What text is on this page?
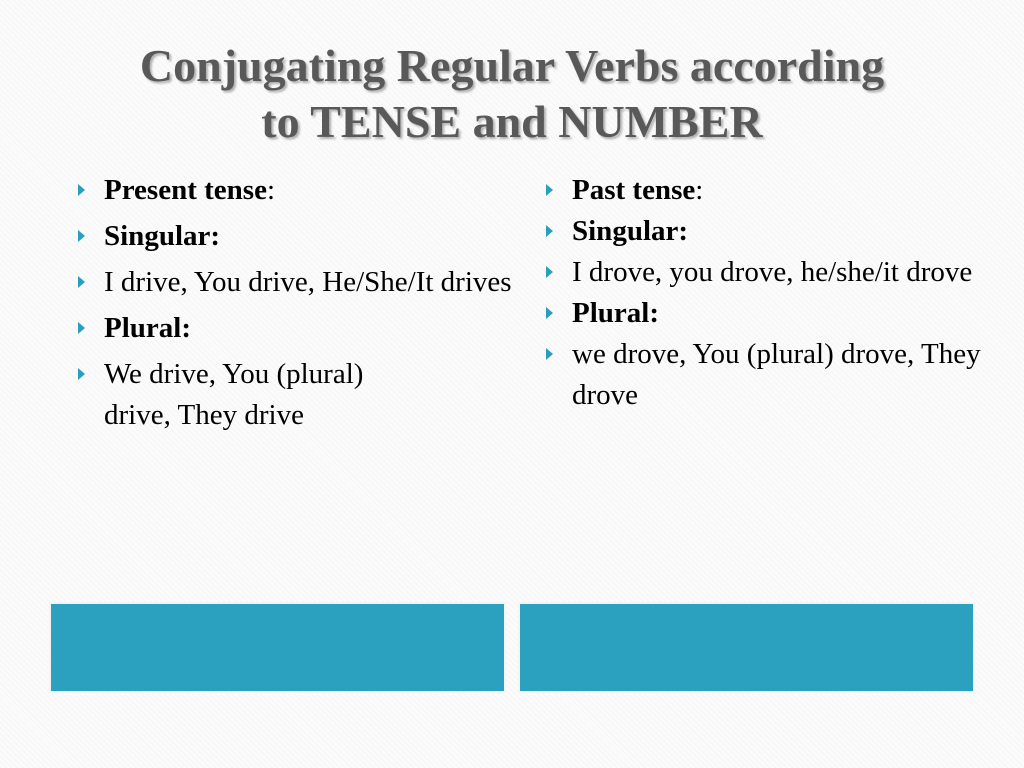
Conjugating Regular Verbs according
to TENSE and NUMBER
Present tense:
Singular:
I drive, You drive, He/She/It drives
Plural:
We drive, You (plural)
drive, They drive
Past tense:
Singular:
I drove, you drove, he/she/it drove
Plural:
we drove, You (plural) drove, They drove
